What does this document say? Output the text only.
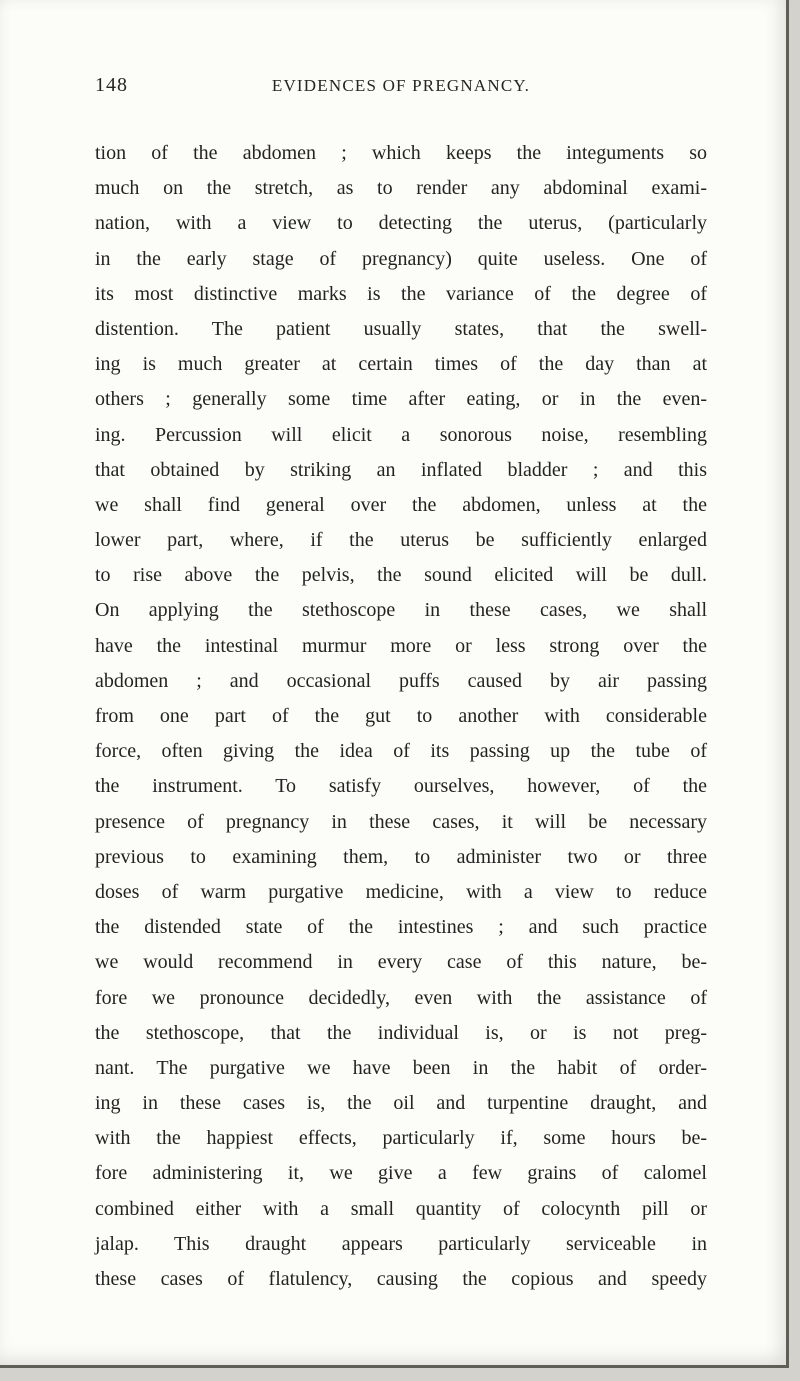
148	EVIDENCES OF PREGNANCY.
tion of the abdomen ; which keeps the integuments so
much on the stretch, as to render any abdominal exami-
nation, with a view to detecting the uterus, (particularly
in the early stage of pregnancy) quite useless. One of
its most distinctive marks is the variance of the degree of
distention. The patient usually states, that the swell-
ing is much greater at certain times of the day than at
others ; generally some time after eating, or in the even-
ing. Percussion will elicit a sonorous noise, resembling
that obtained by striking an inflated bladder ; and this
we shall find general over the abdomen, unless at the
lower part, where, if the uterus be sufficiently enlarged
to rise above the pelvis, the sound elicited will be dull.
On applying the stethoscope in these cases, we shall
have the intestinal murmur more or less strong over the
abdomen ; and occasional puffs caused by air passing
from one part of the gut to another with considerable
force, often giving the idea of its passing up the tube of
the instrument. To satisfy ourselves, however, of the
presence of pregnancy in these cases, it will be necessary
previous to examining them, to administer two or three
doses of warm purgative medicine, with a view to reduce
the distended state of the intestines ; and such practice
we would recommend in every case of this nature, be-
fore we pronounce decidedly, even with the assistance of
the stethoscope, that the individual is, or is not preg-
nant. The purgative we have been in the habit of order-
ing in these cases is, the oil and turpentine draught, and
with the happiest effects, particularly if, some hours be-
fore administering it, we give a few grains of calomel
combined either with a small quantity of colocynth pill or
jalap. This draught appears particularly serviceable in
these cases of flatulency, causing the copious and speedy
